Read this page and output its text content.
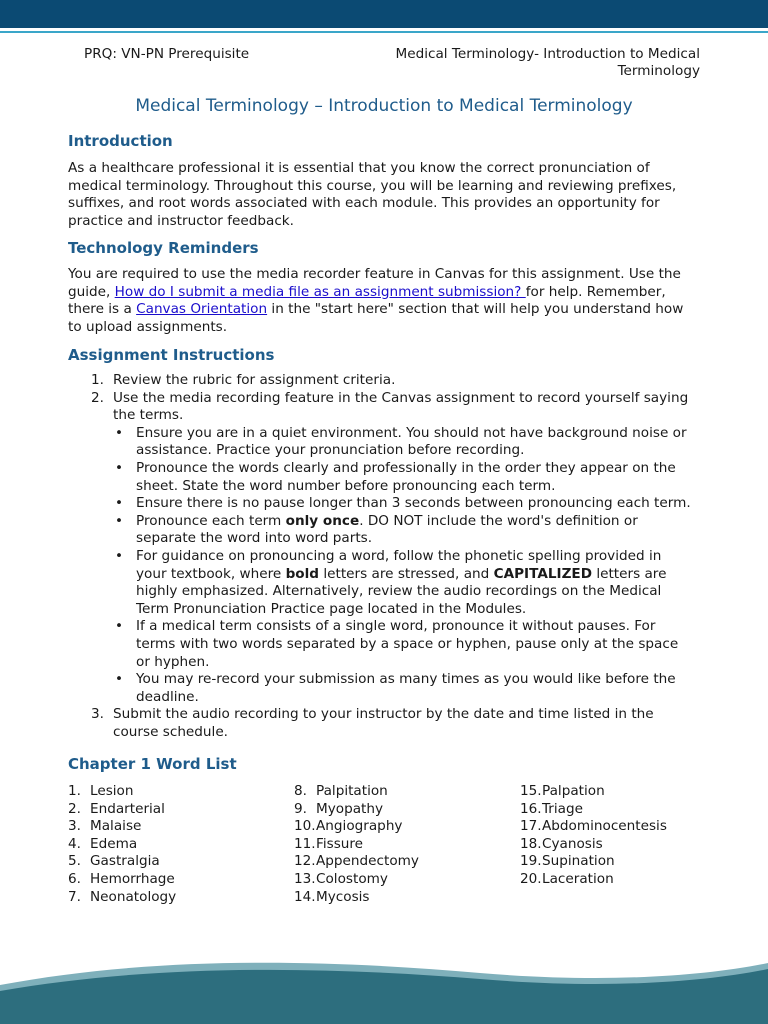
PRQ: VN-PN Prerequisite	Medical Terminology- Introduction to Medical
Terminology
Medical Terminology – Introduction to Medical Terminology
Introduction
As a healthcare professional it is essential that you know the correct pronunciation of
medical terminology. Throughout this course, you will be learning and reviewing prefixes,
suffixes, and root words associated with each module. This provides an opportunity for
practice and instructor feedback.
Technology Reminders
You are required to use the media recorder feature in Canvas for this assignment. Use the
guide, How do I submit a media file as an assignment submission? for help. Remember,
there is a Canvas Orientation in the "start here" section that will help you understand how
to upload assignments.
Assignment Instructions
1. Review the rubric for assignment criteria.
2. Use the media recording feature in the Canvas assignment to record yourself saying
the terms.
• Ensure you are in a quiet environment. You should not have background noise or
assistance. Practice your pronunciation before recording.
• Pronounce the words clearly and professionally in the order they appear on the
sheet. State the word number before pronouncing each term.
• Ensure there is no pause longer than 3 seconds between pronouncing each term.
• Pronounce each term only once. DO NOT include the word's definition or
separate the word into word parts.
• For guidance on pronouncing a word, follow the phonetic spelling provided in
your textbook, where bold letters are stressed, and CAPITALIZED letters are
highly emphasized. Alternatively, review the audio recordings on the Medical
Term Pronunciation Practice page located in the Modules.
• If a medical term consists of a single word, pronounce it without pauses. For
terms with two words separated by a space or hyphen, pause only at the space
or hyphen.
• You may re-record your submission as many times as you would like before the
deadline.
3. Submit the audio recording to your instructor by the date and time listed in the
course schedule.
Chapter 1 Word List
1. Lesion
2. Endarterial
3. Malaise
4. Edema
5. Gastralgia
6. Hemorrhage
7. Neonatology
8. Palpitation
9. Myopathy
10. Angiography
11. Fissure
12. Appendectomy
13. Colostomy
14. Mycosis
15. Palpation
16. Triage
17. Abdominocentesis
18. Cyanosis
19. Supination
20. Laceration
